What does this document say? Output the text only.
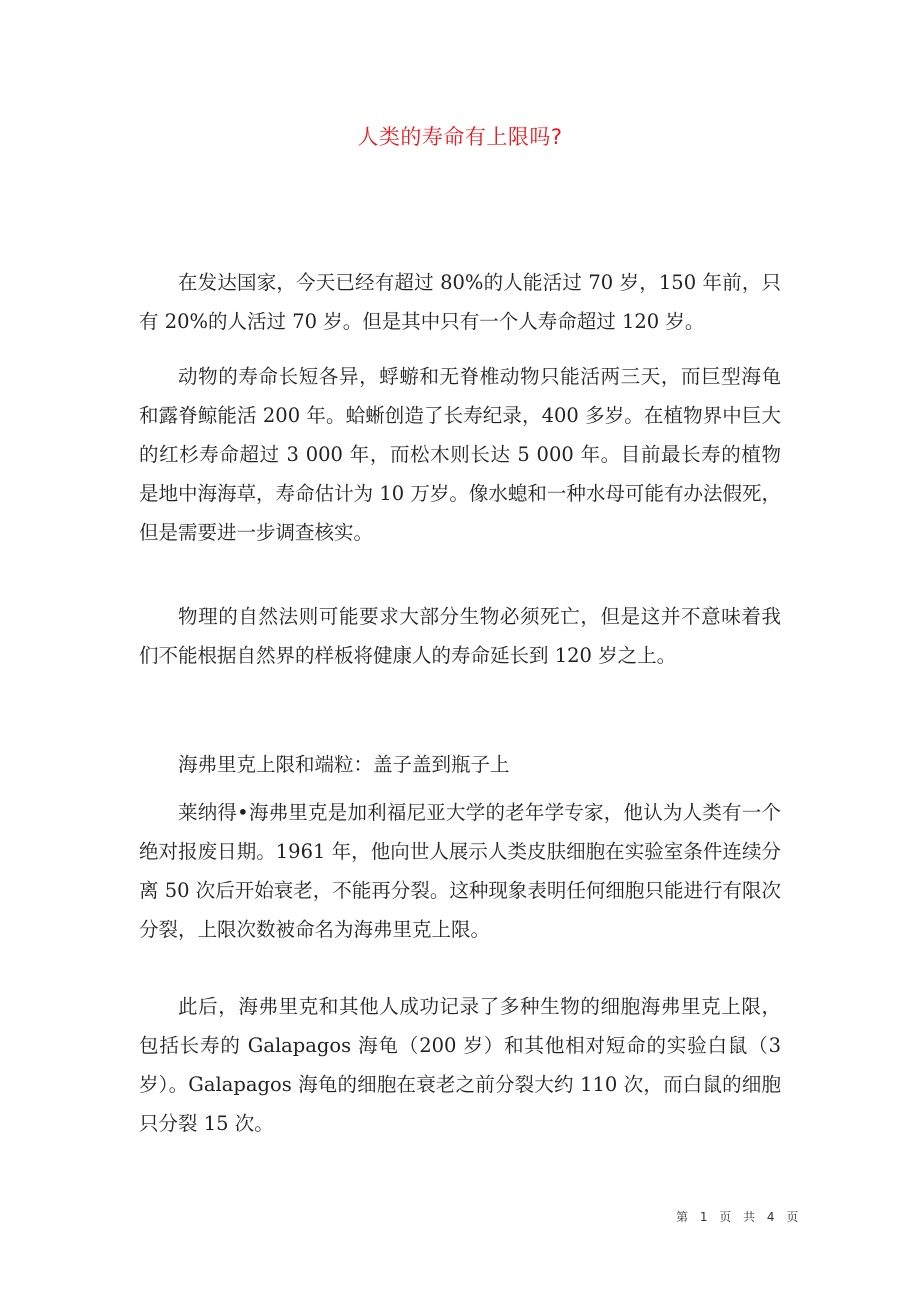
人类的寿命有上限吗?

在发达国家，今天已经有超过 80%的人能活过 70 岁，150 年前，只有 20%的人活过 70 岁。但是其中只有一个人寿命超过 120 岁。

动物的寿命长短各异，蜉蝣和无脊椎动物只能活两三天，而巨型海龟和露脊鲸能活 200 年。蛤蜥创造了长寿纪录，400 多岁。在植物界中巨大的红杉寿命超过 3 000 年，而松木则长达 5 000 年。目前最长寿的植物是地中海海草，寿命估计为 10 万岁。像水螅和一种水母可能有办法假死，但是需要进一步调查核实。

物理的自然法则可能要求大部分生物必须死亡，但是这并不意味着我们不能根据自然界的样板将健康人的寿命延长到 120 岁之上。

海弗里克上限和端粒：盖子盖到瓶子上

莱纳得•海弗里克是加利福尼亚大学的老年学专家，他认为人类有一个绝对报废日期。1961 年，他向世人展示人类皮肤细胞在实验室条件连续分离 50 次后开始衰老，不能再分裂。这种现象表明任何细胞只能进行有限次分裂，上限次数被命名为海弗里克上限。

此后，海弗里克和其他人成功记录了多种生物的细胞海弗里克上限，包括长寿的 Galapagos 海龟（200 岁）和其他相对短命的实验白鼠（3 岁）。Galapagos 海龟的细胞在衰老之前分裂大约 110 次，而白鼠的细胞只分裂 15 次。

第 1 页 共 4 页
